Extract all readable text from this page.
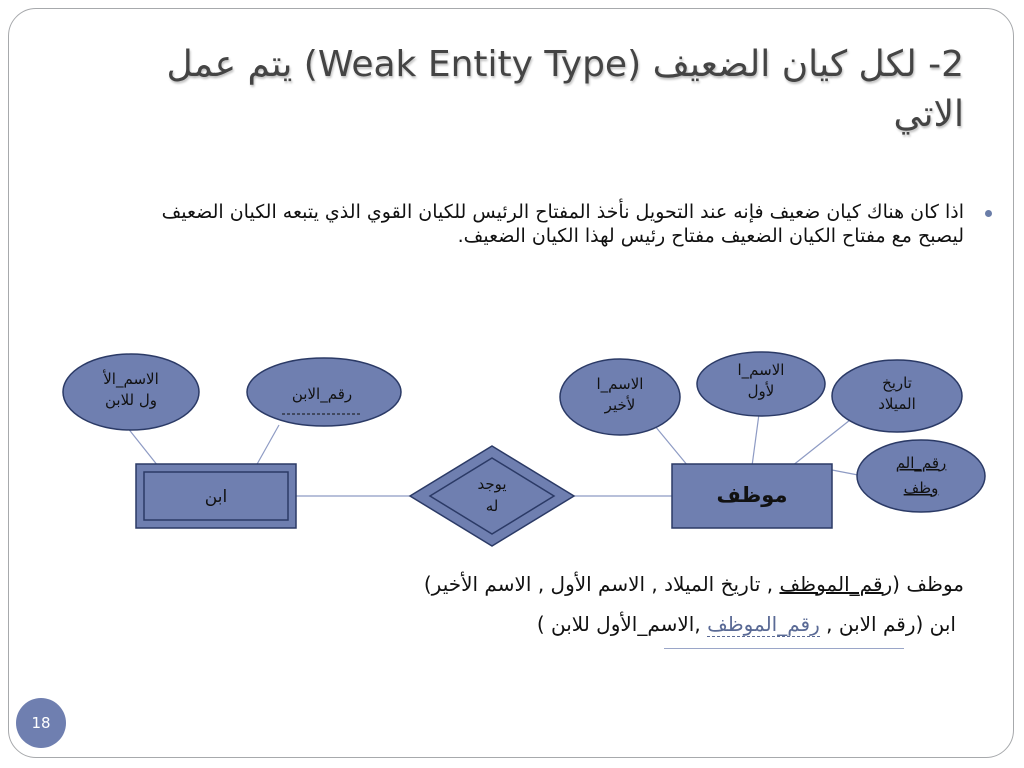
2- لكل كيان الضعيف (Weak Entity Type) يتم عمل الاتي
اذا كان هناك كيان ضعيف فإنه عند التحويل نأخذ المفتاح الرئيس للكيان القوي الذي يتبعه الكيان الضعيف ليصبح مع مفتاح الكيان الضعيف مفتاح رئيس لهذا الكيان الضعيف.
ابن
يوجد
له	موظف
الاسم_الأ
ول للابن	رقم_الابن
الاسم_ا
لأخير
الاسم_ا
لأول	تاريخ
الميلاد
رقم_الم
وظف
موظف (رقم_الموظف , تاريخ الميلاد , الاسم الأول , الاسم الأخير)
ابن (رقم الابن , رقم_الموظف ,الاسم_الأول للابن )
18
